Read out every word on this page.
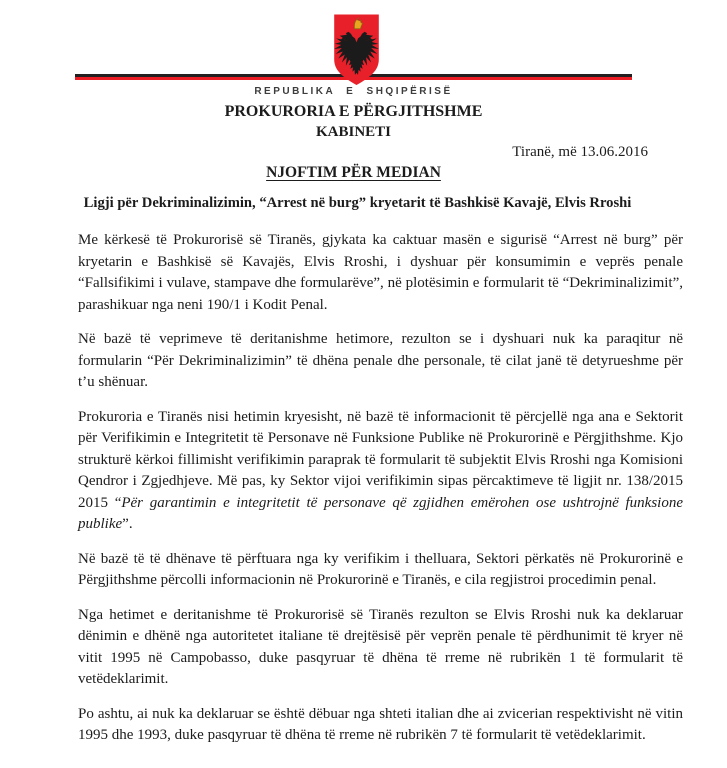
REPUBLIKA E SHQIPËRISË
PROKURORIA E PËRGJITHSHME
KABINETI
Tiranë, më 13.06.2016
NJOFTIM PËR MEDIAN
Ligji për Dekriminalizimin, “Arrest në burg” kryetarit të Bashkisë Kavajë, Elvis Rroshi

Me kërkesë të Prokurorisë së Tiranës, gjykata ka caktuar masën e sigurisë “Arrest në burg” për kryetarin e Bashkisë së Kavajës, Elvis Rroshi, i dyshuar për konsumimin e veprës penale “Fallsifikimi i vulave, stampave dhe formularëve”, në plotësimin e formularit të “Dekriminalizimit”, parashikuar nga neni 190/1 i Kodit Penal.

Në bazë të veprimeve të deritanishme hetimore, rezulton se i dyshuari nuk ka paraqitur në formularin “Për Dekriminalizimin” të dhëna penale dhe personale, të cilat janë të detyrueshme për t’u shënuar.

Prokuroria e Tiranës nisi hetimin kryesisht, në bazë të informacionit të përcjellë nga ana e Sektorit për Verifikimin e Integritetit të Personave në Funksione Publike në Prokurorinë e Përgjithshme. Kjo strukturë kërkoi fillimisht verifikimin paraprak të formularit të subjektit Elvis Rroshi nga Komisioni Qendror i Zgjedhjeve. Më pas, ky Sektor vijoi verifikimin sipas përcaktimeve të ligjit nr. 138/2015 2015 “Për garantimin e integritetit të personave që zgjidhen emërohen ose ushtrojnë funksione publike”.

Në bazë të të dhënave të përftuara nga ky verifikim i thelluara, Sektori përkatës në Prokurorinë e Përgjithshme përcolli informacionin në Prokurorinë e Tiranës, e cila regjistroi procedimin penal.

Nga hetimet e deritanishme të Prokurorisë së Tiranës rezulton se Elvis Rroshi nuk ka deklaruar dënimin e dhënë nga autoritetet italiane të drejtësisë për veprën penale të përdhunimit të kryer në vitit 1995 në Campobasso, duke pasqyruar të dhëna të rreme në rubrikën 1 të formularit të vetëdeklarimit.

Po ashtu, ai nuk ka deklaruar se është dëbuar nga shteti italian dhe ai zvicerian respektivisht në vitin 1995 dhe 1993, duke pasqyruar të dhëna të rreme në rubrikën 7 të formularit të vetëdeklarimit.
